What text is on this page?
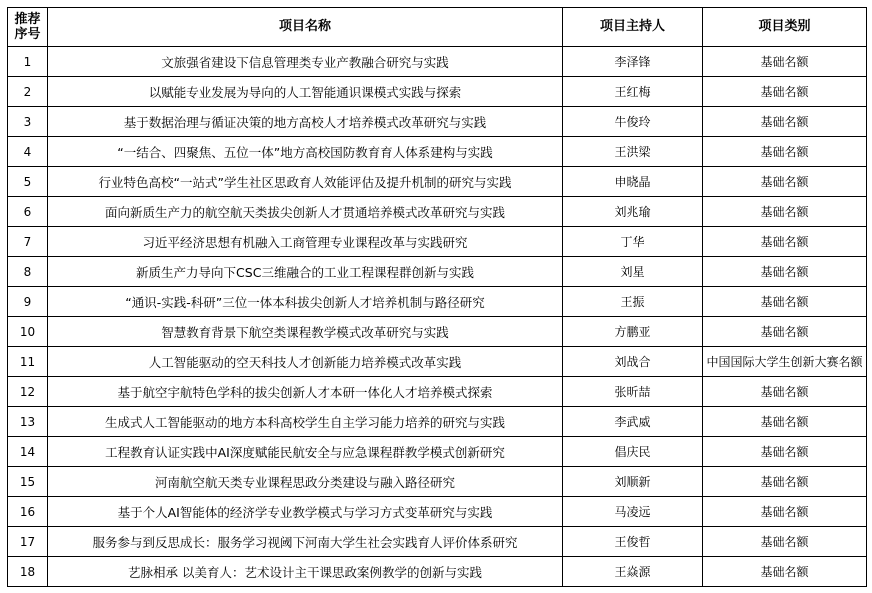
推荐
序号	项目名称	项目主持人	项目类别
1	文旅强省建设下信息管理类专业产教融合研究与实践	李泽锋	基础名额
2	以赋能专业发展为导向的人工智能通识课模式实践与探索	王红梅	基础名额
3	基于数据治理与循证决策的地方高校人才培养模式改革研究与实践	牛俊玲	基础名额
4	“一结合、四聚焦、五位一体”地方高校国防教育育人体系建构与实践	王洪梁	基础名额
5	行业特色高校“一站式”学生社区思政育人效能评估及提升机制的研究与实践	申晓晶	基础名额
6	面向新质生产力的航空航天类拔尖创新人才贯通培养模式改革研究与实践	刘兆瑜	基础名额
7	习近平经济思想有机融入工商管理专业课程改革与实践研究	丁华	基础名额
8	新质生产力导向下CSC三维融合的工业工程课程群创新与实践	刘星	基础名额
9	“通识-实践-科研”三位一体本科拔尖创新人才培养机制与路径研究	王振	基础名额
10	智慧教育背景下航空类课程教学模式改革研究与实践	方鹏亚	基础名额
11	人工智能驱动的空天科技人才创新能力培养模式改革实践	刘战合	中国国际大学生创新大赛名额
12	基于航空宇航特色学科的拔尖创新人才本研一体化人才培养模式探索	张昕喆	基础名额
13	生成式人工智能驱动的地方本科高校学生自主学习能力培养的研究与实践	李武威	基础名额
14	工程教育认证实践中AI深度赋能民航安全与应急课程群教学模式创新研究	倡庆民	基础名额
15	河南航空航天类专业课程思政分类建设与融入路径研究	刘顺新	基础名额
16	基于个人AI智能体的经济学专业教学模式与学习方式变革研究与实践	马凌远	基础名额
17	服务参与到反思成长：服务学习视阈下河南大学生社会实践育人评价体系研究	王俊哲	基础名额
18	艺脉相承 以美育人：艺术设计主干课思政案例教学的创新与实践	王焱源	基础名额
